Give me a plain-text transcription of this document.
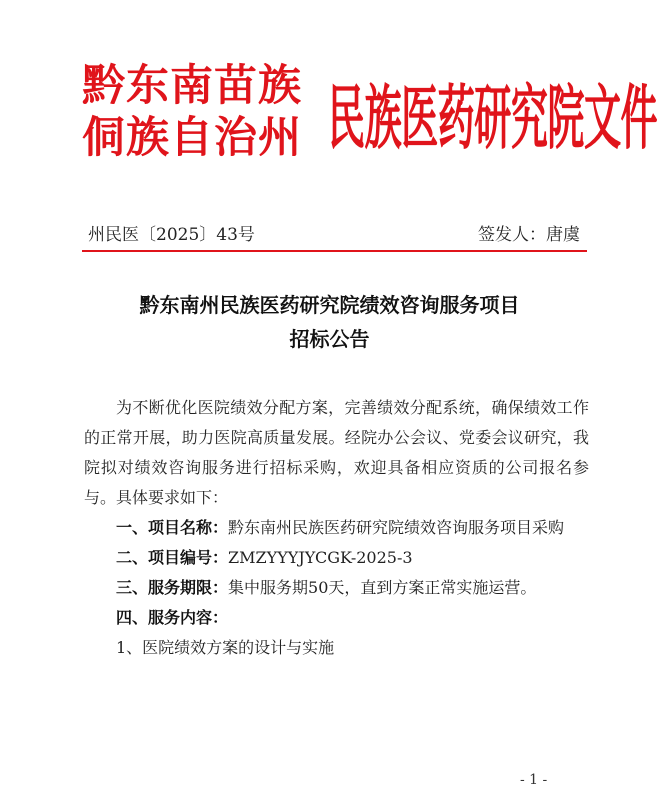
黔东南苗族
侗族自治州 民族医药研究院文件
州民医〔2025〕43号	签发人：唐虞
黔东南州民族医药研究院绩效咨询服务项目
招标公告

为不断优化医院绩效分配方案，完善绩效分配系统，确保绩效工作的正常开展，助力医院高质量发展。经院办公会议、党委会议研究，我院拟对绩效咨询服务进行招标采购，欢迎具备相应资质的公司报名参与。具体要求如下：

一、项目名称：黔东南州民族医药研究院绩效咨询服务项目采购

二、项目编号：ZMZYYYJYCGK-2025-3

三、服务期限：集中服务期50天，直到方案正常实施运营。

四、服务内容：

1、医院绩效方案的设计与实施

- 1 -
